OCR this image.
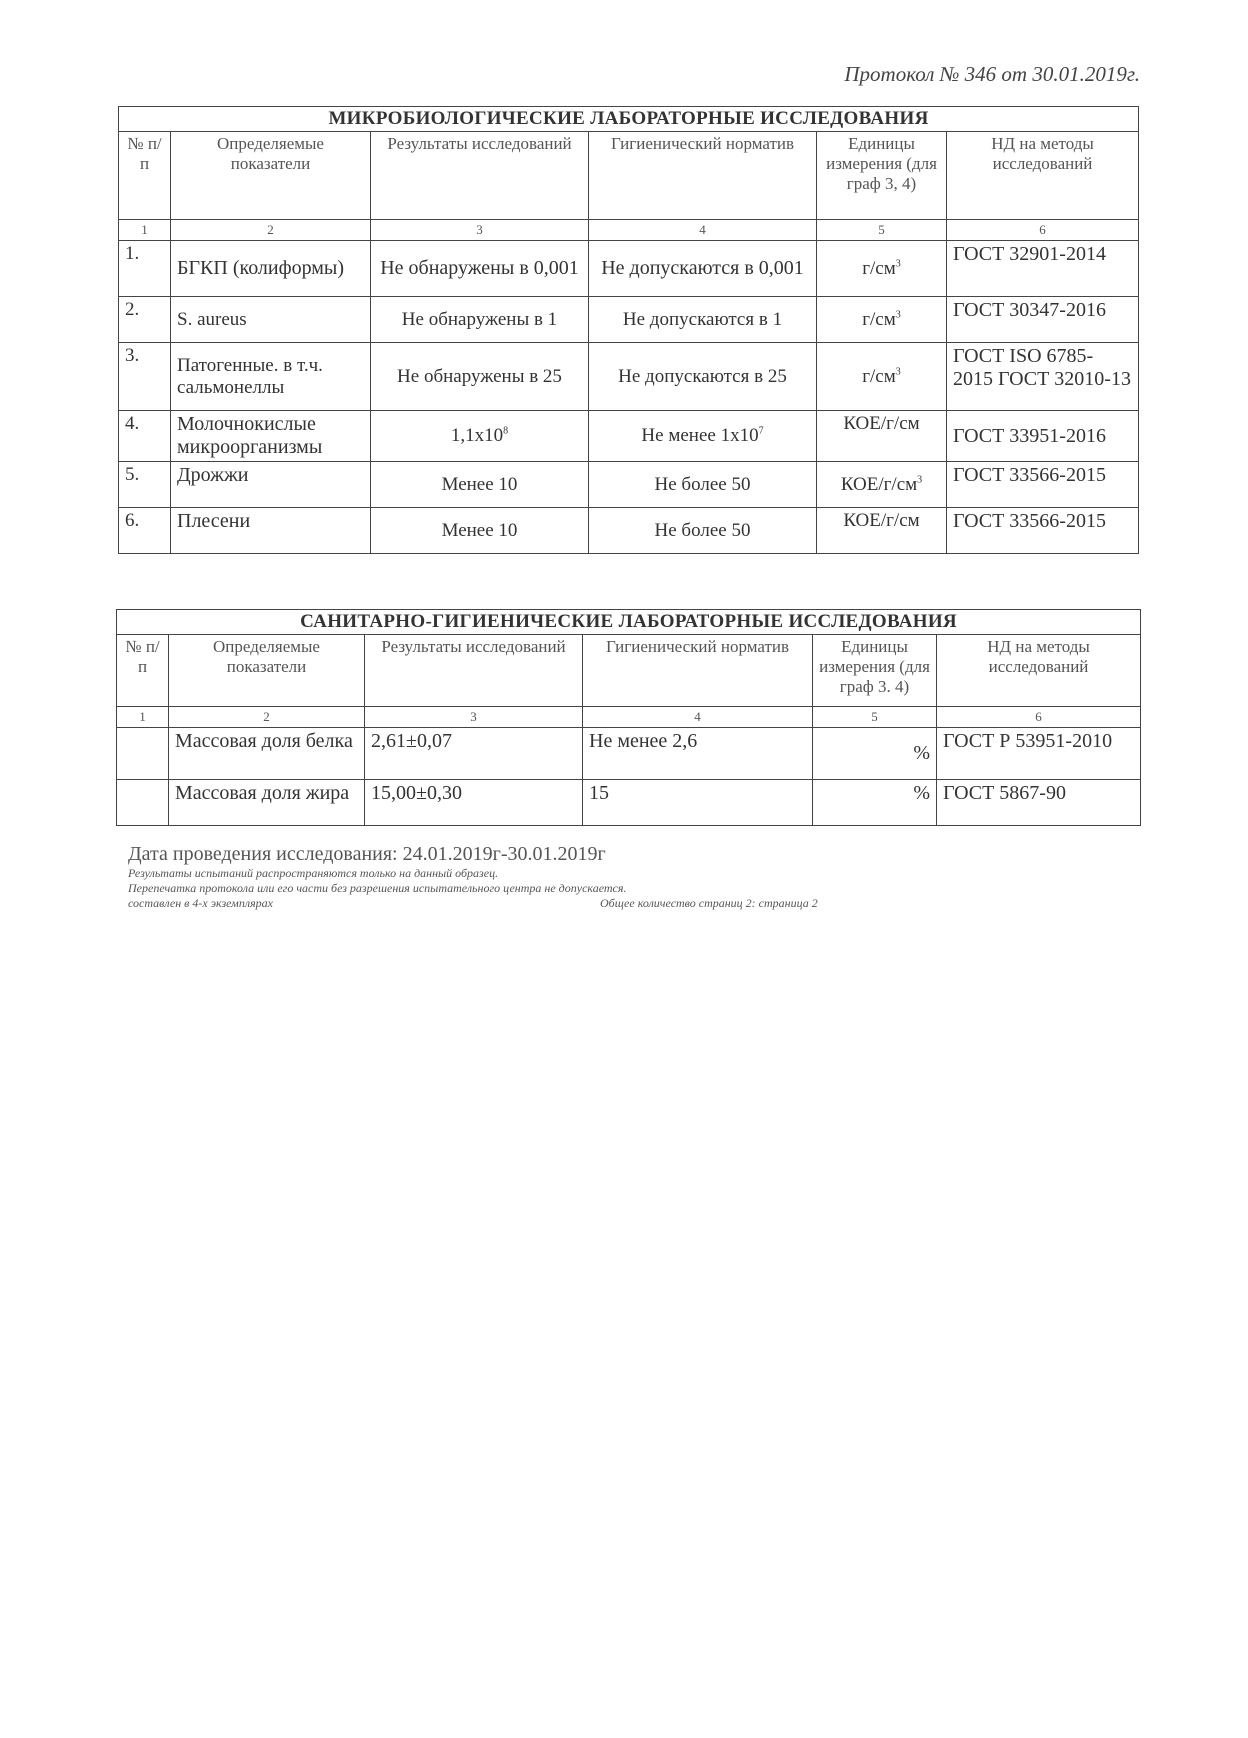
Протокол № 346 от 30.01.2019г.
МИКРОБИОЛОГИЧЕСКИЕ ЛАБОРАТОРНЫЕ ИССЛЕДОВАНИЯ					
№ п/п	Определяемые показатели	Результаты исследований	Гигиенический норматив	Единицы измерения (для граф 3, 4)	НД на методы исследований
1	2	3	4	5	6
1.	БГКП (колиформы)	Не обнаружены в 0,001	Не допускаются в 0,001	$г/см^3$	ГОСТ 32901-2014
2.	S. aureus	Не обнаружены в 1	Не допускаются в 1	$г/см^3$	ГОСТ 30347-2016
3.	Патогенные. в т.ч. сальмонеллы	Не обнаружены в 25	Не допускаются в 25	$г/см^3$	ГОСТ ISO 6785-2015 ГОСТ 32010-13
4.	Молочнокислые микроорганизмы	$1,1x10^8$	Не менее $1x10^7$	КОЕ/г/см	ГОСТ 33951-2016
5.	Дрожжи	Менее 10	Не более 50	КОЕ/$г/см^3$	ГОСТ 33566-2015
6.	Плесени	Менее 10	Не более 50	КОЕ/г/см	ГОСТ 33566-2015
САНИТАРНО-ГИГИЕНИЧЕСКИЕ ЛАБОРАТОРНЫЕ ИССЛЕДОВАНИЯ					
№ п/п	Определяемые показатели	Результаты исследований	Гигиенический норматив	Единицы измерения (для граф 3. 4)	НД на методы исследований
1	2	3	4	5	6
	Массовая доля белка	2,61±0,07	Не менее 2,6	%	ГОСТ Р 53951-2010
	Массовая доля жира	15,00±0,30	15	%	ГОСТ 5867-90
Дата проведения исследования: 24.01.2019г-30.01.2019г
Результаты испытаний распространяются только на данный образец.
Перепечатка протокола или его части без разрешения испытательного центра не допускается.
составлен в 4-х экземплярах	Общее количество страниц 2: страница 2
